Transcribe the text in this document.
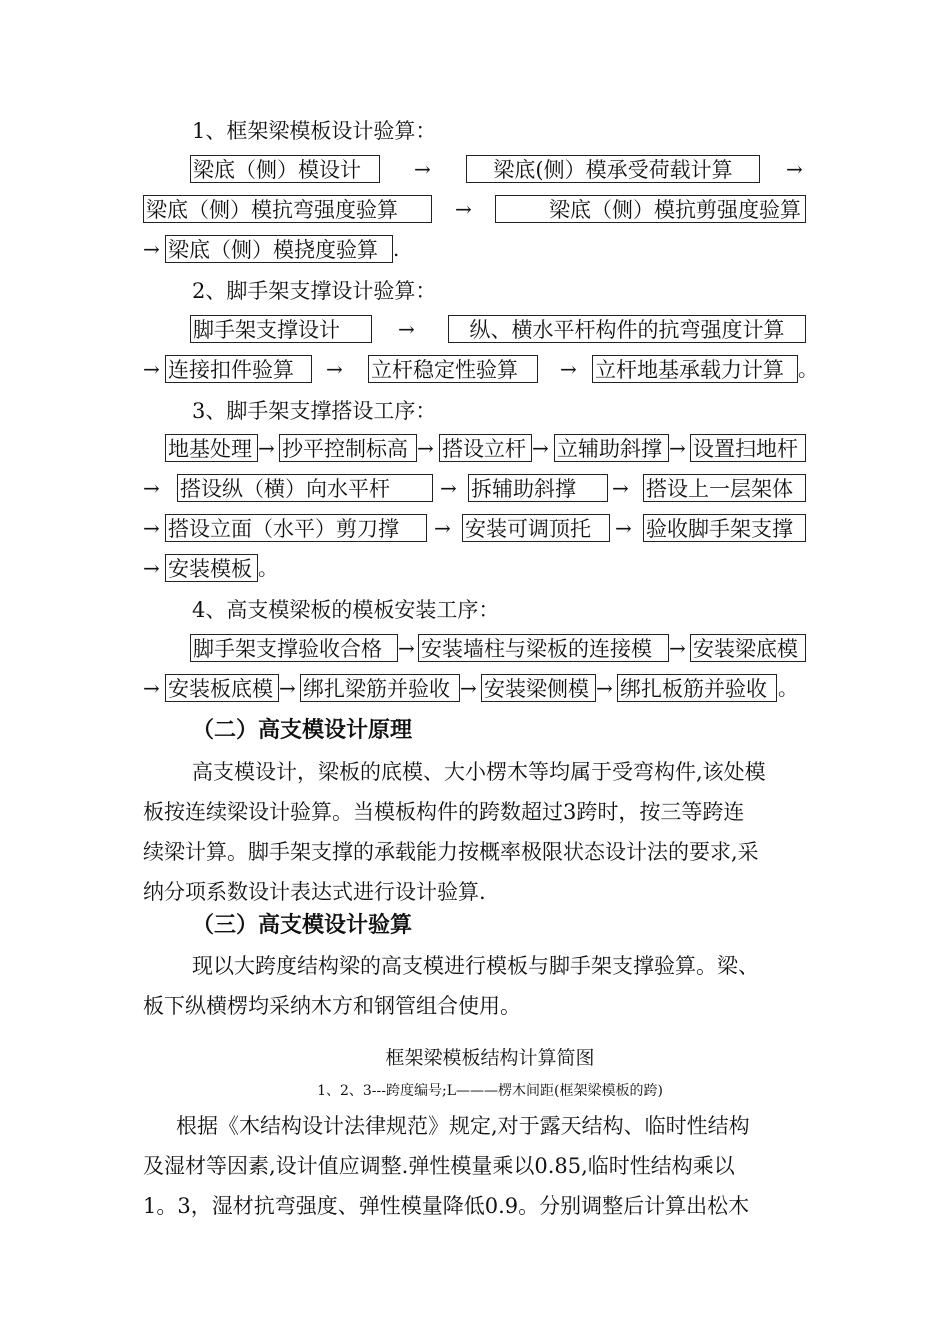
1、框架梁模板设计验算：
梁底（侧）模设计	→	梁底(侧）模承受荷载计算	→
梁底（侧）模抗弯强度验算	→	梁底（侧）模抗剪强度验算
→ 梁底（侧）模挠度验算 .
2、脚手架支撑设计验算：
脚手架支撑设计	→	纵、横水平杆构件的抗弯强度计算
→ 连接扣件验算	→ 立杆稳定性验算	→ 立杆地基承载力计算 。
3、脚手架支撑搭设工序：
地基处理 → 抄平控制标高 → 搭设立杆 → 立辅助斜撑 → 设置扫地杆
→ 搭设纵（横）向水平杆	→ 拆辅助斜撑	→ 搭设上一层架体
→ 搭设立面（水平）剪刀撑	→ 安装可调顶托	→ 验收脚手架支撑
→ 安装模板 。
4、高支模梁板的模板安装工序：
脚手架支撑验收合格 → 安装墙柱与梁板的连接模 → 安装梁底模
→ 安装板底模 → 绑扎梁筋并验收 → 安装梁侧模 → 绑扎板筋并验收 。
（二）高支模设计原理
高支模设计，梁板的底模、大小楞木等均属于受弯构件,该处模
板按连续梁设计验算。当模板构件的跨数超过3跨时，按三等跨连
续梁计算。脚手架支撑的承载能力按概率极限状态设计法的要求,采
纳分项系数设计表达式进行设计验算.
（三）高支模设计验算
现以大跨度结构梁的高支模进行模板与脚手架支撑验算。梁、
板下纵横楞均采纳木方和钢管组合使用。
框架梁模板结构计算简图
1、2、3---跨度编号;L———楞木间距(框架梁模板的跨)
根据《木结构设计法律规范》规定,对于露天结构、临时性结构
及湿材等因素,设计值应调整.弹性模量乘以0.85,临时性结构乘以
1。3，湿材抗弯强度、弹性模量降低0.9。分别调整后计算出松木
